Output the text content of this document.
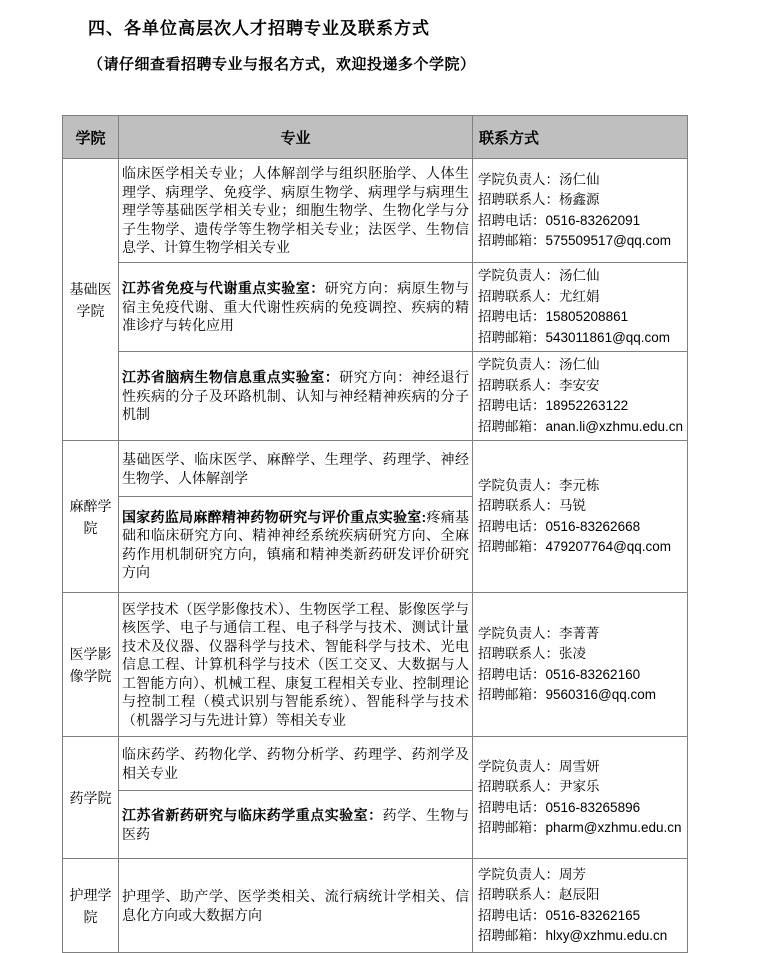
四、各单位高层次人才招聘专业及联系方式
（请仔细查看招聘专业与报名方式，欢迎投递多个学院）
学院	专业	联系方式
基础医学院	临床医学相关专业；人体解剖学与组织胚胎学、人体生理学、病理学、免疫学、病原生物学、病理学与病理生理学等基础医学相关专业；细胞生物学、生物化学与分子生物学、遗传学等生物学相关专业；法医学、生物信息学、计算生物学相关专业	学院负责人：汤仁仙
招聘联系人：杨鑫源
招聘电话：0516-83262091
招聘邮箱：575509517@qq.com

	江苏省免疫与代谢重点实验室：研究方向：病原生物与宿主免疫代谢、重大代谢性疾病的免疫调控、疾病的精准诊疗与转化应用	学院负责人：汤仁仙
招聘联系人：尤红娟
招聘电话：15805208861
招聘邮箱：543011861@qq.com

	江苏省脑病生物信息重点实验室：研究方向：神经退行性疾病的分子及环路机制、认知与神经精神疾病的分子机制	学院负责人：汤仁仙
招聘联系人：李安安
招聘电话：18952263122
招聘邮箱：anan.li@xzhmu.edu.cn

麻醉学院	基础医学、临床医学、麻醉学、生理学、药理学、神经生物学、人体解剖学	学院负责人：李元栋
招聘联系人：马锐
招聘电话：0516-83262668
招聘邮箱：479207764@qq.com

	国家药监局麻醉精神药物研究与评价重点实验室:疼痛基础和临床研究方向、精神神经系统疾病研究方向、全麻药作用机制研究方向，镇痛和精神类新药研发评价研究方向	
医学影像学院	医学技术（医学影像技术）、生物医学工程、影像医学与核医学、电子与通信工程、电子科学与技术、测试计量技术及仪器、仪器科学与技术、智能科学与技术、光电信息工程、计算机科学与技术（医工交叉、大数据与人工智能方向）、机械工程、康复工程相关专业、控制理论与控制工程（模式识别与智能系统）、智能科学与技术（机器学习与先进计算）等相关专业	学院负责人：李菁菁
招聘联系人：张凌
招聘电话：0516-83262160
招聘邮箱：9560316@qq.com

药学院	临床药学、药物化学、药物分析学、药理学、药剂学及相关专业	学院负责人：周雪妍
招聘联系人：尹家乐
招聘电话：0516-83265896
招聘邮箱：pharm@xzhmu.edu.cn

	江苏省新药研究与临床药学重点实验室：药学、生物与医药	
护理学院	护理学、助产学、医学类相关、流行病统计学相关、信息化方向或大数据方向	学院负责人：周芳
招聘联系人：赵辰阳
招聘电话：0516-83262165
招聘邮箱：hlxy@xzhmu.edu.cn
